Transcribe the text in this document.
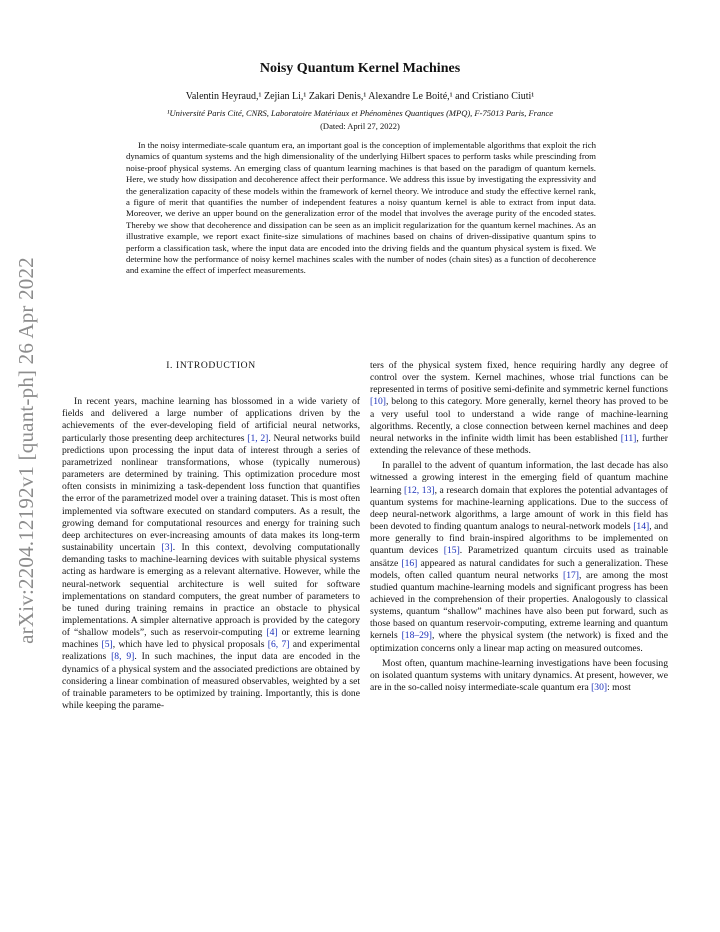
arXiv:2204.12192v1 [quant-ph] 26 Apr 2022
Noisy Quantum Kernel Machines

Valentin Heyraud,¹ Zejian Li,¹ Zakari Denis,¹ Alexandre Le Boité,¹ and Cristiano Ciuti¹

¹Université Paris Cité, CNRS, Laboratoire Matériaux et Phénomènes Quantiques (MPQ), F-75013 Paris, France

(Dated: April 27, 2022)

In the noisy intermediate-scale quantum era, an important goal is the conception of implementable algorithms that exploit the rich dynamics of quantum systems and the high dimensionality of the underlying Hilbert spaces to perform tasks while prescinding from noise-proof physical systems. An emerging class of quantum learning machines is that based on the paradigm of quantum kernels. Here, we study how dissipation and decoherence affect their performance. We address this issue by investigating the expressivity and the generalization capacity of these models within the framework of kernel theory. We introduce and study the effective kernel rank, a figure of merit that quantifies the number of independent features a noisy quantum kernel is able to extract from input data. Moreover, we derive an upper bound on the generalization error of the model that involves the average purity of the encoded states. Thereby we show that decoherence and dissipation can be seen as an implicit regularization for the quantum kernel machines. As an illustrative example, we report exact finite-size simulations of machines based on chains of driven-dissipative quantum spins to perform a classification task, where the input data are encoded into the driving fields and the quantum physical system is fixed. We determine how the performance of noisy kernel machines scales with the number of nodes (chain sites) as a function of decoherence and examine the effect of imperfect measurements.

I. INTRODUCTION

In recent years, machine learning has blossomed in a wide variety of fields and delivered a large number of applications driven by the achievements of the ever-developing field of artificial neural networks, particularly those presenting deep architectures [1, 2]. Neural networks build predictions upon processing the input data of interest through a series of parametrized nonlinear transformations, whose (typically numerous) parameters are determined by training. This optimization procedure most often consists in minimizing a task-dependent loss function that quantifies the error of the parametrized model over a training dataset. This is most often implemented via software executed on standard computers. As a result, the growing demand for computational resources and energy for training such deep architectures on ever-increasing amounts of data makes its long-term sustainability uncertain [3]. In this context, devolving computationally demanding tasks to machine-learning devices with suitable physical systems acting as hardware is emerging as a relevant alternative. However, while the neural-network sequential architecture is well suited for software implementations on standard computers, the great number of parameters to be tuned during training remains in practice an obstacle to physical implementations. A simpler alternative approach is provided by the category of “shallow models”, such as reservoir-computing [4] or extreme learning machines [5], which have led to physical proposals [6, 7] and experimental realizations [8, 9]. In such machines, the input data are encoded in the dynamics of a physical system and the associated predictions are obtained by considering a linear combination of measured observables, weighted by a set of trainable parameters to be optimized by training. Importantly, this is done while keeping the parame-

ters of the physical system fixed, hence requiring hardly any degree of control over the system. Kernel machines, whose trial functions can be represented in terms of positive semi-definite and symmetric kernel functions [10], belong to this category. More generally, kernel theory has proved to be a very useful tool to understand a wide range of machine-learning algorithms. Recently, a close connection between kernel machines and deep neural networks in the infinite width limit has been established [11], further extending the relevance of these methods.

In parallel to the advent of quantum information, the last decade has also witnessed a growing interest in the emerging field of quantum machine learning [12, 13], a research domain that explores the potential advantages of quantum systems for machine-learning applications. Due to the success of deep neural-network algorithms, a large amount of work in this field has been devoted to finding quantum analogs to neural-network models [14], and more generally to find brain-inspired algorithms to be implemented on quantum devices [15]. Parametrized quantum circuits used as trainable ansätze [16] appeared as natural candidates for such a generalization. These models, often called quantum neural networks [17], are among the most studied quantum machine-learning models and significant progress has been achieved in the comprehension of their properties. Analogously to classical systems, quantum “shallow” machines have also been put forward, such as those based on quantum reservoir-computing, extreme learning and quantum kernels [18–29], where the physical system (the network) is fixed and the optimization concerns only a linear map acting on measured outcomes.

Most often, quantum machine-learning investigations have been focusing on isolated quantum systems with unitary dynamics. At present, however, we are in the so-called noisy intermediate-scale quantum era [30]: most
